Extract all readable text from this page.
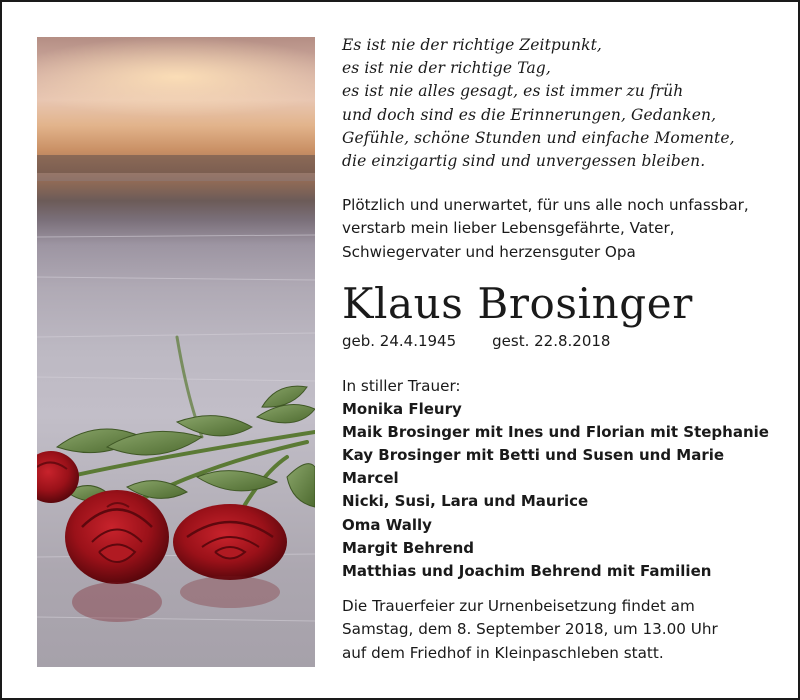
Es ist nie der richtige Zeitpunkt,
es ist nie der richtige Tag,
es ist nie alles gesagt, es ist immer zu früh
und doch sind es die Erinnerungen, Gedanken,
Gefühle, schöne Stunden und einfache Momente,
die einzigartig sind und unvergessen bleiben.
Plötzlich und unerwartet, für uns alle noch unfassbar,
verstarb mein lieber Lebensgefährte, Vater,
Schwiegervater und herzensguter Opa
Klaus Brosinger
geb. 24.4.1945 gest. 22.8.2018
In stiller Trauer:
Monika Fleury
Maik Brosinger mit Ines und Florian mit Stephanie
Kay Brosinger mit Betti und Susen und Marie
Marcel
Nicki, Susi, Lara und Maurice
Oma Wally
Margit Behrend
Matthias und Joachim Behrend mit Familien
Die Trauerfeier zur Urnenbeisetzung findet am
Samstag, dem 8. September 2018, um 13.00 Uhr
auf dem Friedhof in Kleinpaschleben statt.
